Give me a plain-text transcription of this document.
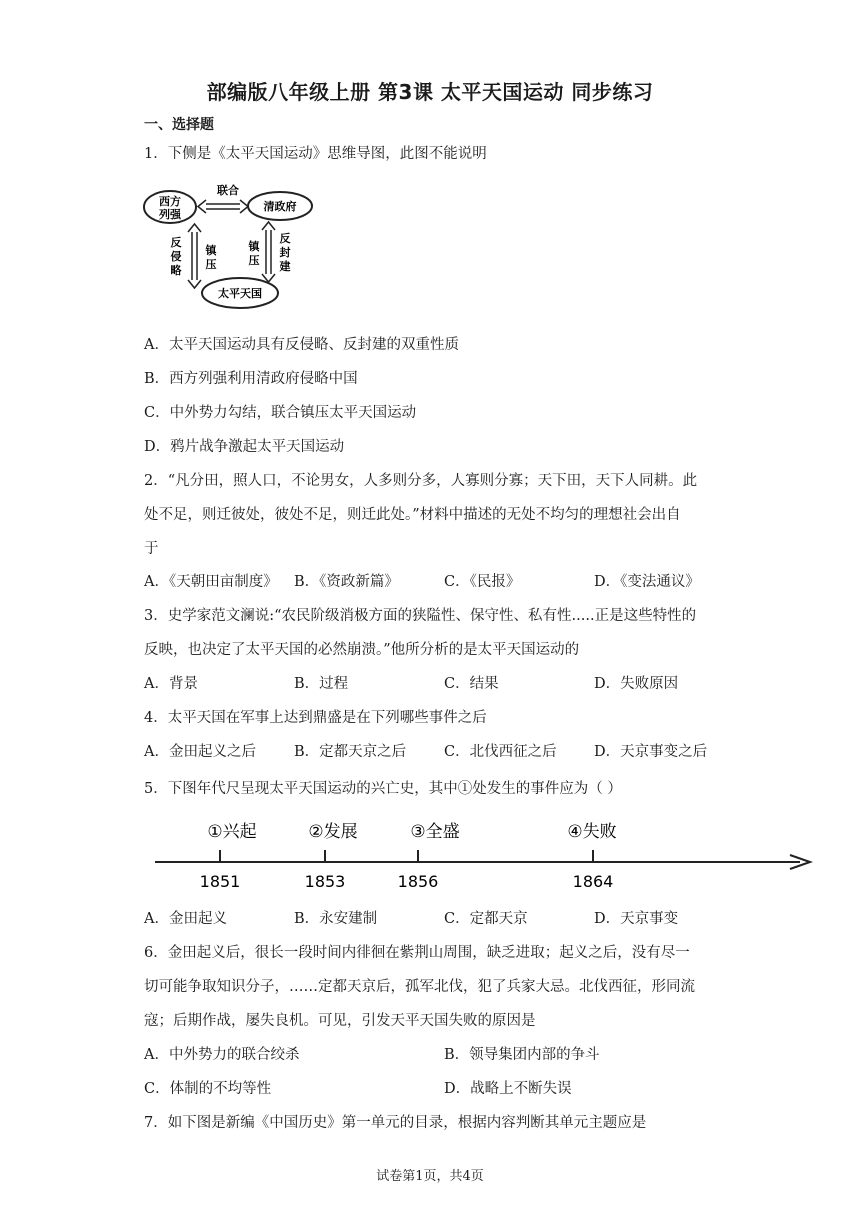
部编版八年级上册 第3课 太平天国运动 同步练习
一、选择题
1．下侧是《太平天国运动》思维导图，此图不能说明
西方
列强
清政府
太平天国
联合
反
侵
略
镇
压
镇
压
反
封
建
A．太平天国运动具有反侵略、反封建的双重性质
B．西方列强利用清政府侵略中国
C．中外势力勾结，联合镇压太平天国运动
D．鸦片战争激起太平天国运动
2．“凡分田，照人口，不论男女，人多则分多，人寡则分寡；天下田，天下人同耕。此
处不足，则迁彼处，彼处不足，则迁此处。”材料中描述的无处不均匀的理想社会出自
于
A．《天朝田亩制度》 B．《资政新篇》	C．《民报》	D．《变法通议》
3．史学家范文澜说:“农民阶级消极方面的狭隘性、保守性、私有性.....正是这些特性的
反映，也决定了太平天国的必然崩溃。”他所分析的是太平天国运动的
A．背景	B．过程	C．结果	D．失败原因
4．太平天国在军事上达到鼎盛是在下列哪些事件之后
A．金田起义之后	B．定都天京之后	C．北伐西征之后	D．天京事变之后
5．下图年代尺呈现太平天国运动的兴亡史，其中①处发生的事件应为（ ）
①兴起	②发展	③全盛	④失败
1851	1853	1856	1864
A．金田起义	B．永安建制	C．定都天京	D．天京事变
6．金田起义后，很长一段时间内徘徊在紫荆山周围，缺乏进取；起义之后，没有尽一
切可能争取知识分子，……定都天京后，孤军北伐，犯了兵家大忌。北伐西征，形同流
寇；后期作战，屡失良机。可见，引发天平天国失败的原因是
A．中外势力的联合绞杀	B．领导集团内部的争斗
C．体制的不均等性	D．战略上不断失误
7．如下图是新编《中国历史》第一单元的目录，根据内容判断其单元主题应是
试卷第1页，共4页
